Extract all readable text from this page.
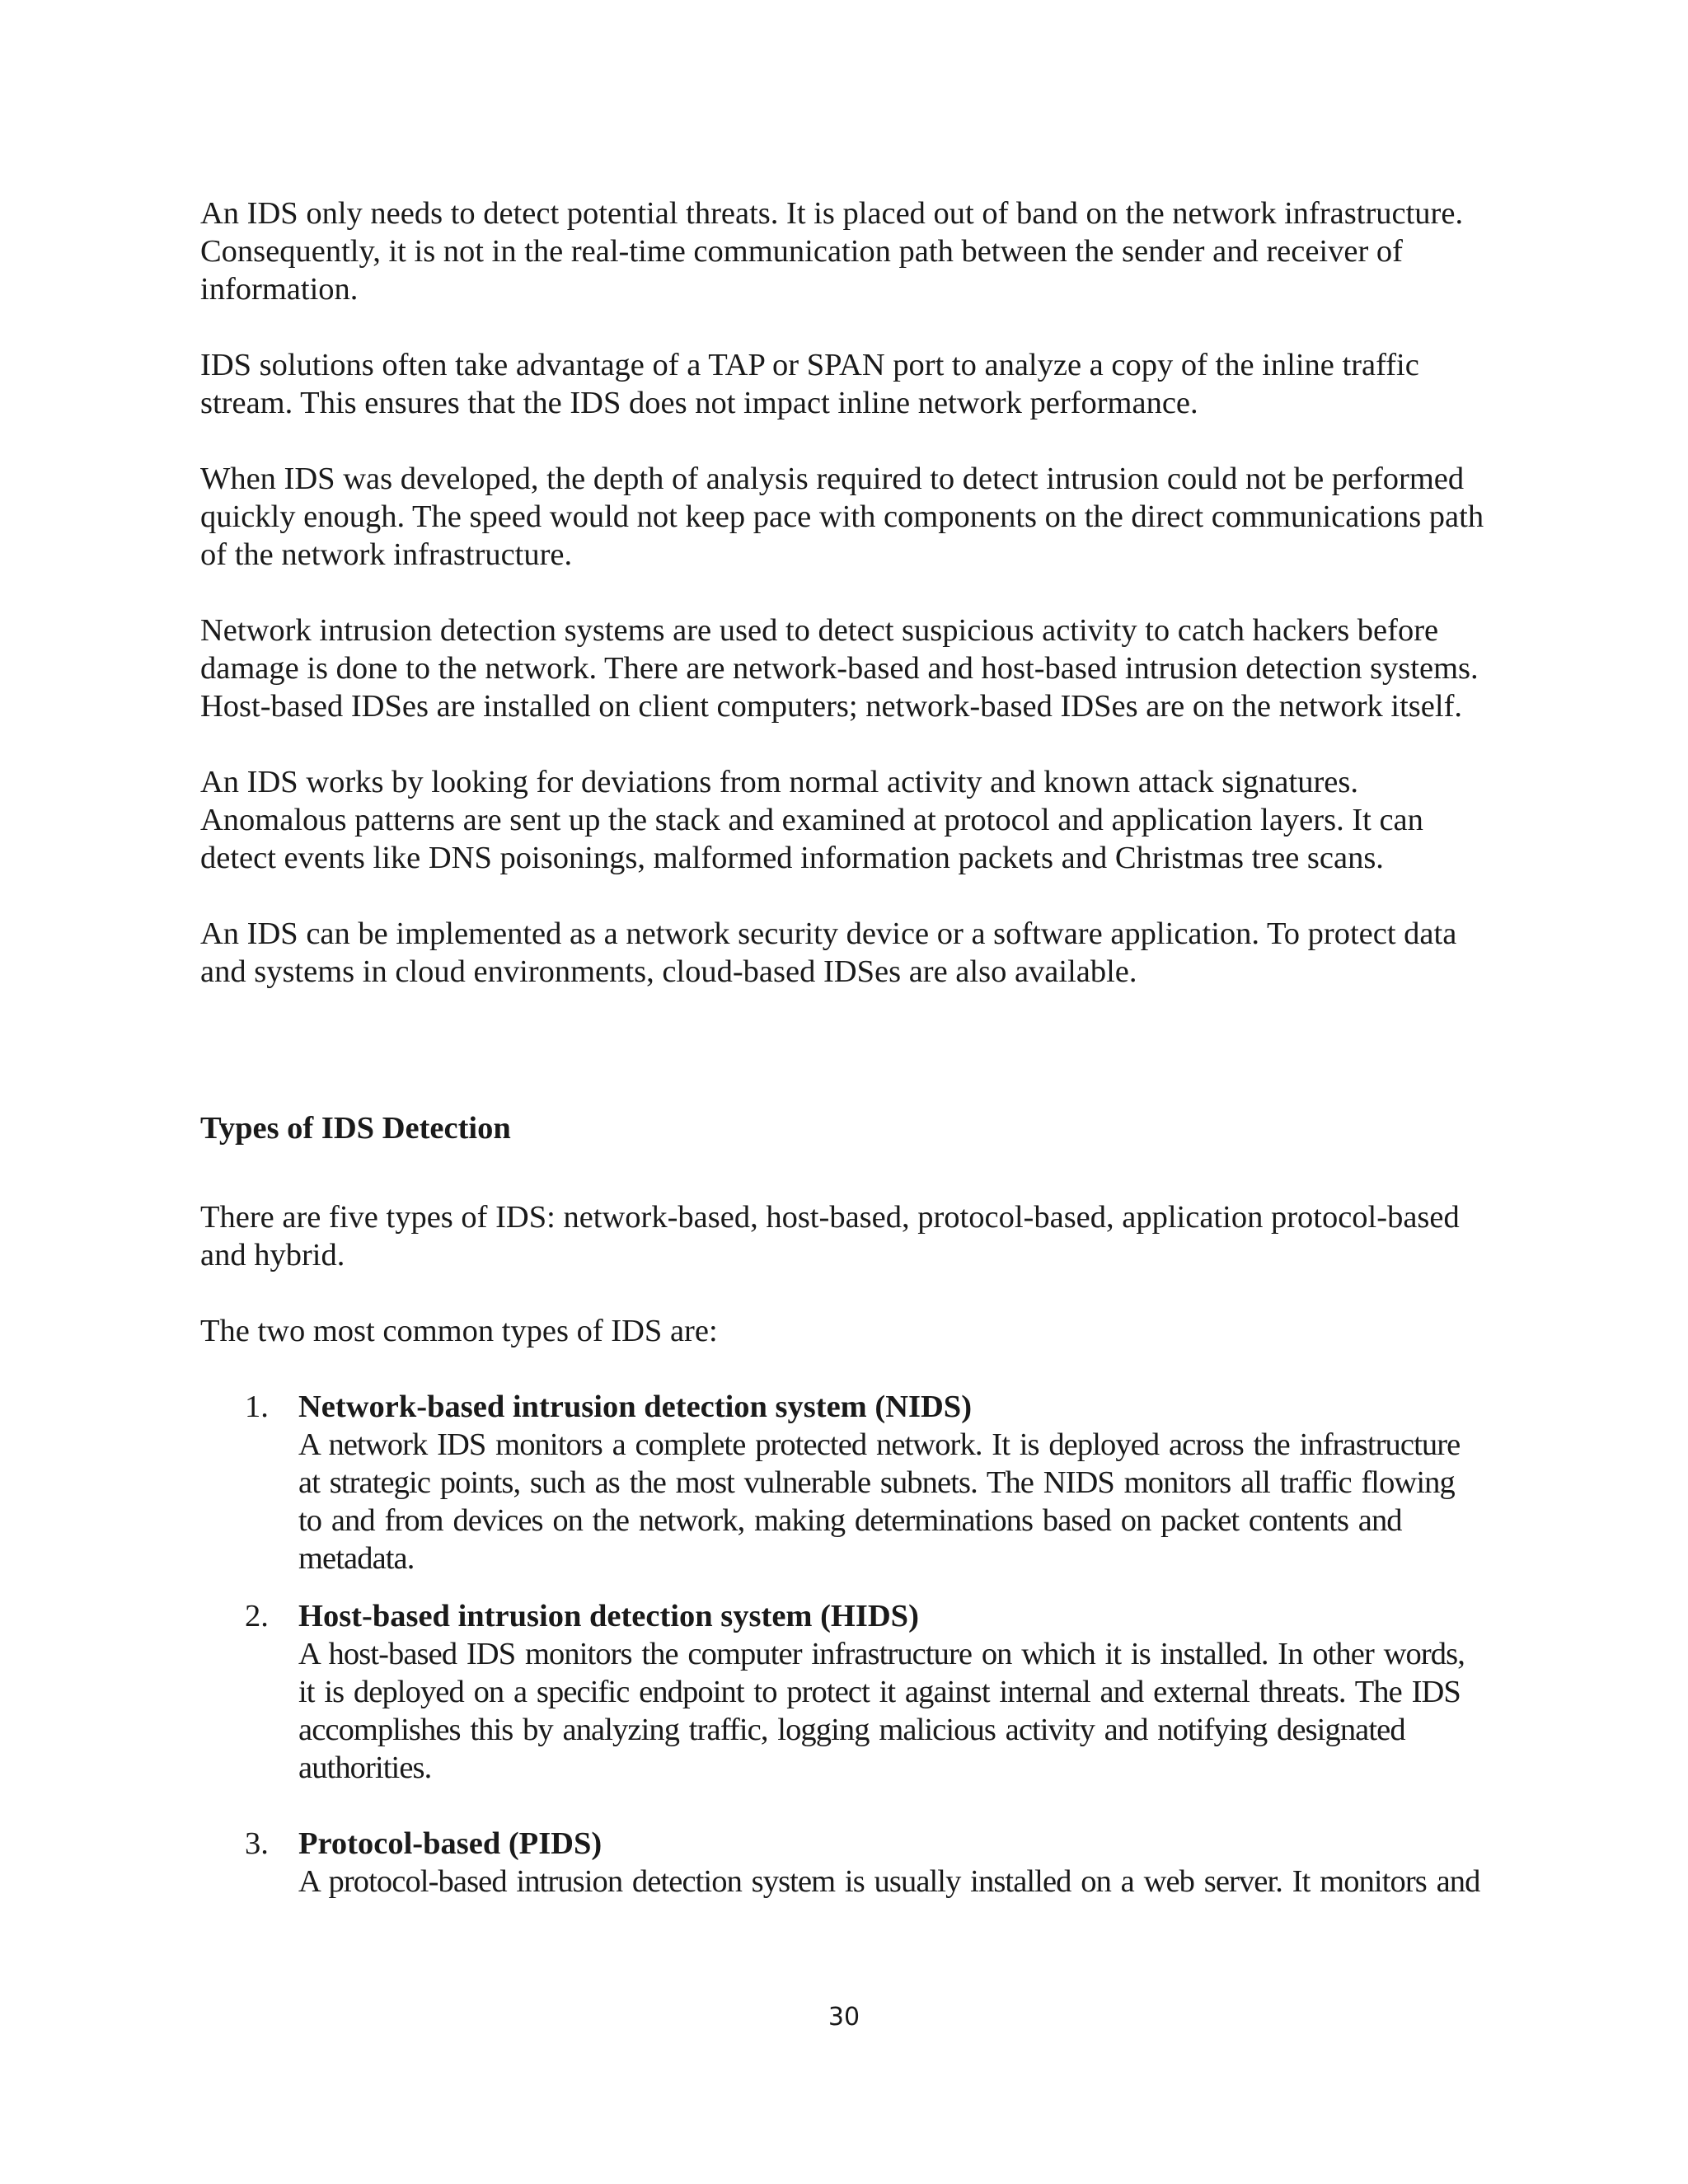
An IDS only needs to detect potential threats. It is placed out of band on the network infrastructure. Consequently, it is not in the real-time communication path between the sender and receiver of information.

IDS solutions often take advantage of a TAP or SPAN port to analyze a copy of the inline traffic stream. This ensures that the IDS does not impact inline network performance.

When IDS was developed, the depth of analysis required to detect intrusion could not be performed quickly enough. The speed would not keep pace with components on the direct communications path of the network infrastructure.

Network intrusion detection systems are used to detect suspicious activity to catch hackers before damage is done to the network. There are network-based and host-based intrusion detection systems. Host-based IDSes are installed on client computers; network-based IDSes are on the network itself.

An IDS works by looking for deviations from normal activity and known attack signatures. Anomalous patterns are sent up the stack and examined at protocol and application layers. It can detect events like DNS poisonings, malformed information packets and Christmas tree scans.

An IDS can be implemented as a network security device or a software application. To protect data and systems in cloud environments, cloud-based IDSes are also available.

Types of IDS Detection

There are five types of IDS: network-based, host-based, protocol-based, application protocol-based and hybrid.

The two most common types of IDS are:

1. Network-based intrusion detection system (NIDS)
A network IDS monitors a complete protected network. It is deployed across the infrastructure at strategic points, such as the most vulnerable subnets. The NIDS monitors all traffic flowing to and from devices on the network, making determinations based on packet contents and metadata.
2. Host-based intrusion detection system (HIDS)
A host-based IDS monitors the computer infrastructure on which it is installed. In other words, it is deployed on a specific endpoint to protect it against internal and external threats. The IDS accomplishes this by analyzing traffic, logging malicious activity and notifying designated authorities.
3. Protocol-based (PIDS)
A protocol-based intrusion detection system is usually installed on a web server. It monitors and
30
